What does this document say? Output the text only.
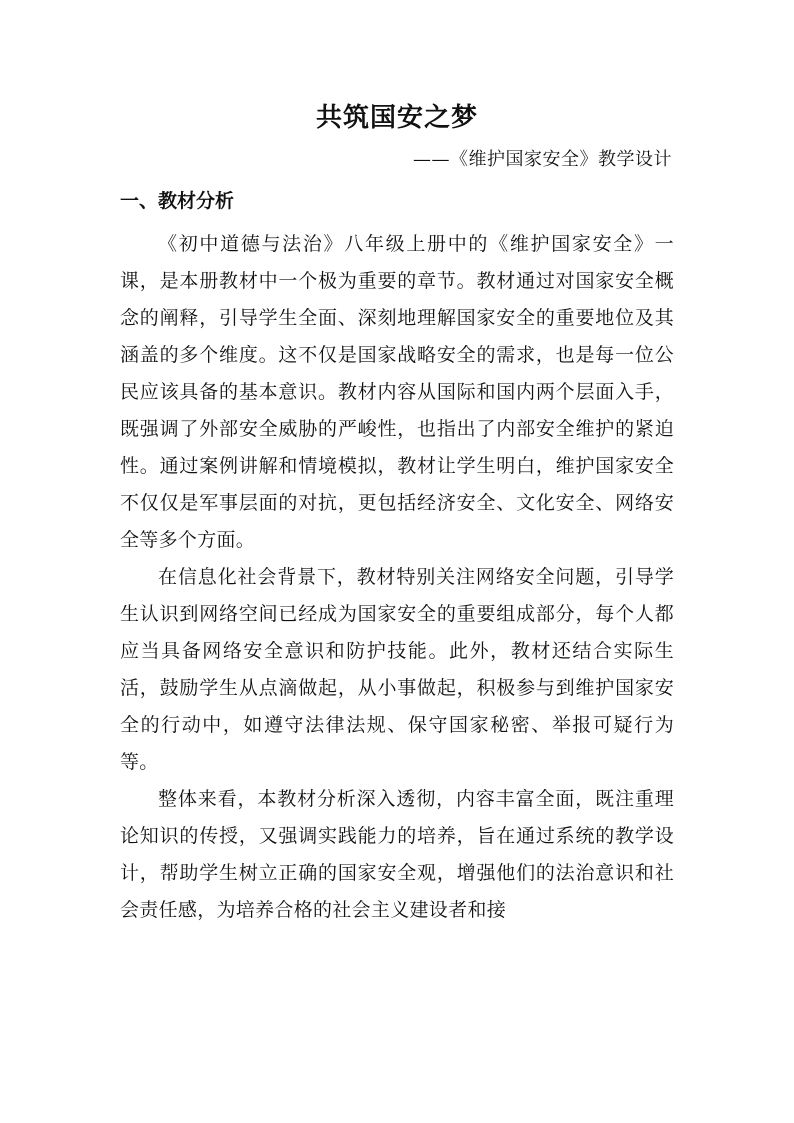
共筑国安之梦
——《维护国家安全》教学设计
一、教材分析

《初中道德与法治》八年级上册中的《维护国家安全》一课，是本册教材中一个极为重要的章节。教材通过对国家安全概念的阐释，引导学生全面、深刻地理解国家安全的重要地位及其涵盖的多个维度。这不仅是国家战略安全的需求，也是每一位公民应该具备的基本意识。教材内容从国际和国内两个层面入手，既强调了外部安全威胁的严峻性，也指出了内部安全维护的紧迫性。通过案例讲解和情境模拟，教材让学生明白，维护国家安全不仅仅是军事层面的对抗，更包括经济安全、文化安全、网络安全等多个方面。

在信息化社会背景下，教材特别关注网络安全问题，引导学生认识到网络空间已经成为国家安全的重要组成部分，每个人都应当具备网络安全意识和防护技能。此外，教材还结合实际生活，鼓励学生从点滴做起，从小事做起，积极参与到维护国家安全的行动中，如遵守法律法规、保守国家秘密、举报可疑行为等。

整体来看，本教材分析深入透彻，内容丰富全面，既注重理论知识的传授，又强调实践能力的培养，旨在通过系统的教学设计，帮助学生树立正确的国家安全观，增强他们的法治意识和社会责任感，为培养合格的社会主义建设者和接
